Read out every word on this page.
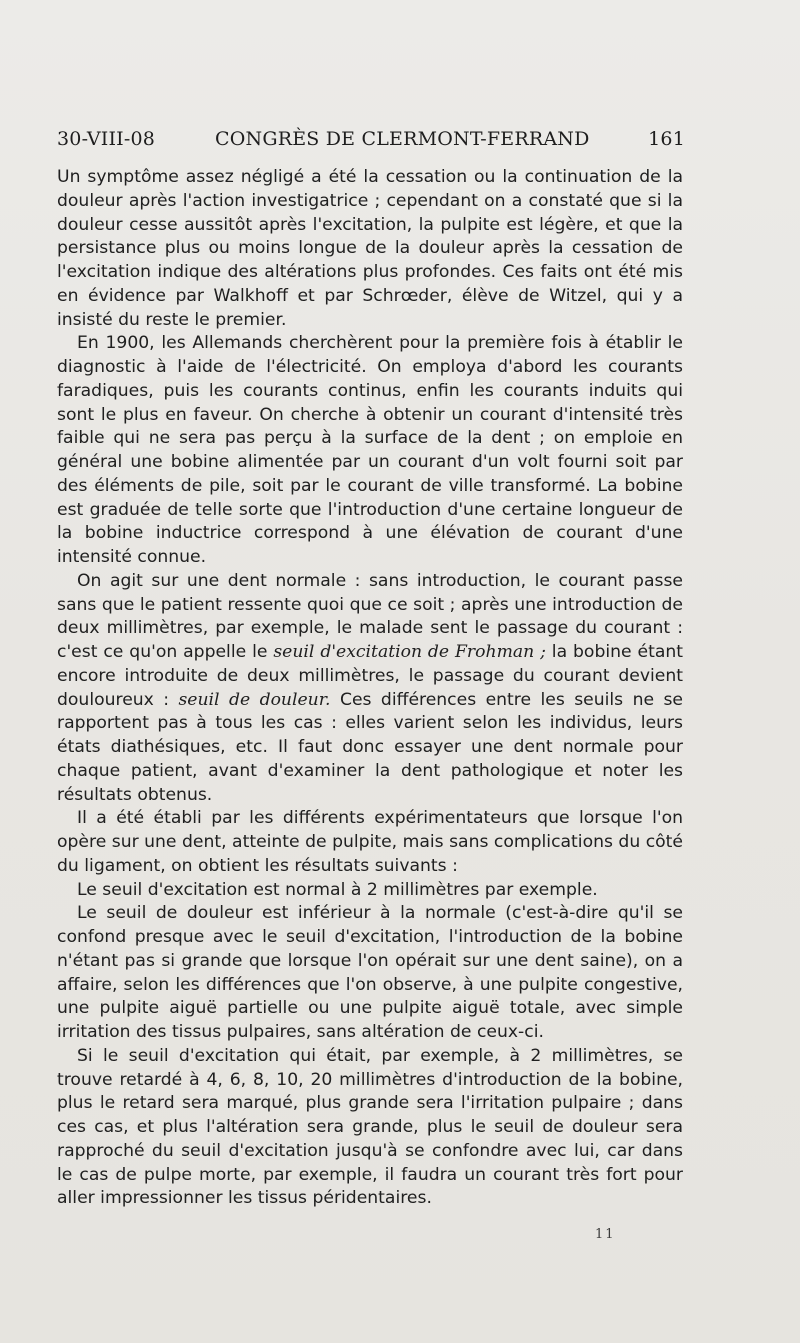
30-VIII-08	CONGRÈS DE CLERMONT-FERRAND	161

Un symptôme assez négligé a été la cessation ou la continuation de la douleur après l'action investigatrice ; cependant on a constaté que si la douleur cesse aussitôt après l'excitation, la pulpite est légère, et que la persistance plus ou moins longue de la douleur après la cessation de l'excitation indique des altérations plus profondes. Ces faits ont été mis en évidence par Walkhoff et par Schrœder, élève de Witzel, qui y a insisté du reste le premier.

En 1900, les Allemands cherchèrent pour la première fois à établir le diagnostic à l'aide de l'électricité. On employa d'abord les courants faradiques, puis les courants continus, enfin les courants induits qui sont le plus en faveur. On cherche à obtenir un courant d'intensité très faible qui ne sera pas perçu à la surface de la dent ; on emploie en général une bobine alimentée par un courant d'un volt fourni soit par des éléments de pile, soit par le courant de ville transformé. La bobine est graduée de telle sorte que l'introduction d'une certaine longueur de la bobine inductrice correspond à une élévation de courant d'une intensité connue.

On agit sur une dent normale : sans introduction, le courant passe sans que le patient ressente quoi que ce soit ; après une introduction de deux millimètres, par exemple, le malade sent le passage du courant : c'est ce qu'on appelle le seuil d'excitation de Frohman ; la bobine étant encore introduite de deux millimètres, le passage du courant devient douloureux : seuil de douleur. Ces différences entre les seuils ne se rapportent pas à tous les cas : elles varient selon les individus, leurs états diathésiques, etc. Il faut donc essayer une dent normale pour chaque patient, avant d'examiner la dent pathologique et noter les résultats obtenus.

Il a été établi par les différents expérimentateurs que lorsque l'on opère sur une dent, atteinte de pulpite, mais sans complications du côté du ligament, on obtient les résultats suivants :

Le seuil d'excitation est normal à 2 millimètres par exemple.

Le seuil de douleur est inférieur à la normale (c'est-à-dire qu'il se confond presque avec le seuil d'excitation, l'introduction de la bobine n'étant pas si grande que lorsque l'on opérait sur une dent saine), on a affaire, selon les différences que l'on observe, à une pulpite congestive, une pulpite aiguë partielle ou une pulpite aiguë totale, avec simple irritation des tissus pulpaires, sans altération de ceux-ci.

Si le seuil d'excitation qui était, par exemple, à 2 millimètres, se trouve retardé à 4, 6, 8, 10, 20 millimètres d'introduction de la bobine, plus le retard sera marqué, plus grande sera l'irritation pulpaire ; dans ces cas, et plus l'altération sera grande, plus le seuil de douleur sera rapproché du seuil d'excitation jusqu'à se confondre avec lui, car dans le cas de pulpe morte, par exemple, il faudra un courant très fort pour aller impressionner les tissus péridentaires.

11
